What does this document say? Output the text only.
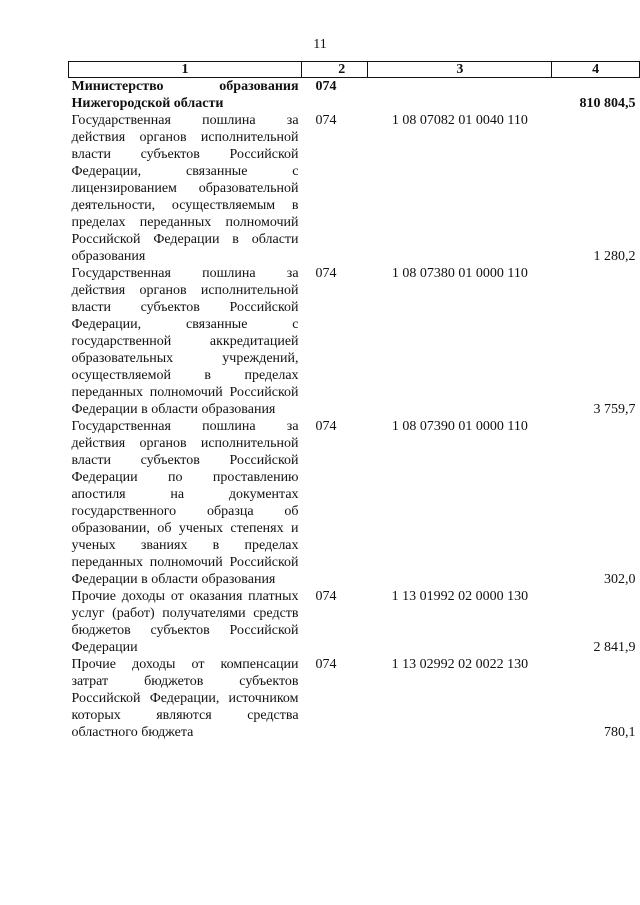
11
1	2	3	4
Министерство образования Нижегородской области	074		810 804,5
Государственная пошлина за действия органов исполнительной власти субъектов Российской Федерации, связанные с лицензированием образовательной деятельности, осуществляемым в пределах переданных полномочий Российской Федерации в области образования	074	1 08 07082 01 0040 110	1 280,2
Государственная пошлина за действия органов исполнительной власти субъектов Российской Федерации, связанные с государственной аккредитацией образовательных учреждений, осуществляемой в пределах переданных полномочий Российской Федерации в области образования	074	1 08 07380 01 0000 110	3 759,7
Государственная пошлина за действия органов исполнительной власти субъектов Российской Федерации по проставлению апостиля на документах государственного образца об образовании, об ученых степенях и ученых званиях в пределах переданных полномочий Российской Федерации в области образования	074	1 08 07390 01 0000 110	302,0
Прочие доходы от оказания платных услуг (работ) получателями средств бюджетов субъектов Российской Федерации	074	1 13 01992 02 0000 130	2 841,9
Прочие доходы от компенсации затрат бюджетов субъектов Российской Федерации, источником которых являются средства областного бюджета	074	1 13 02992 02 0022 130	780,1
